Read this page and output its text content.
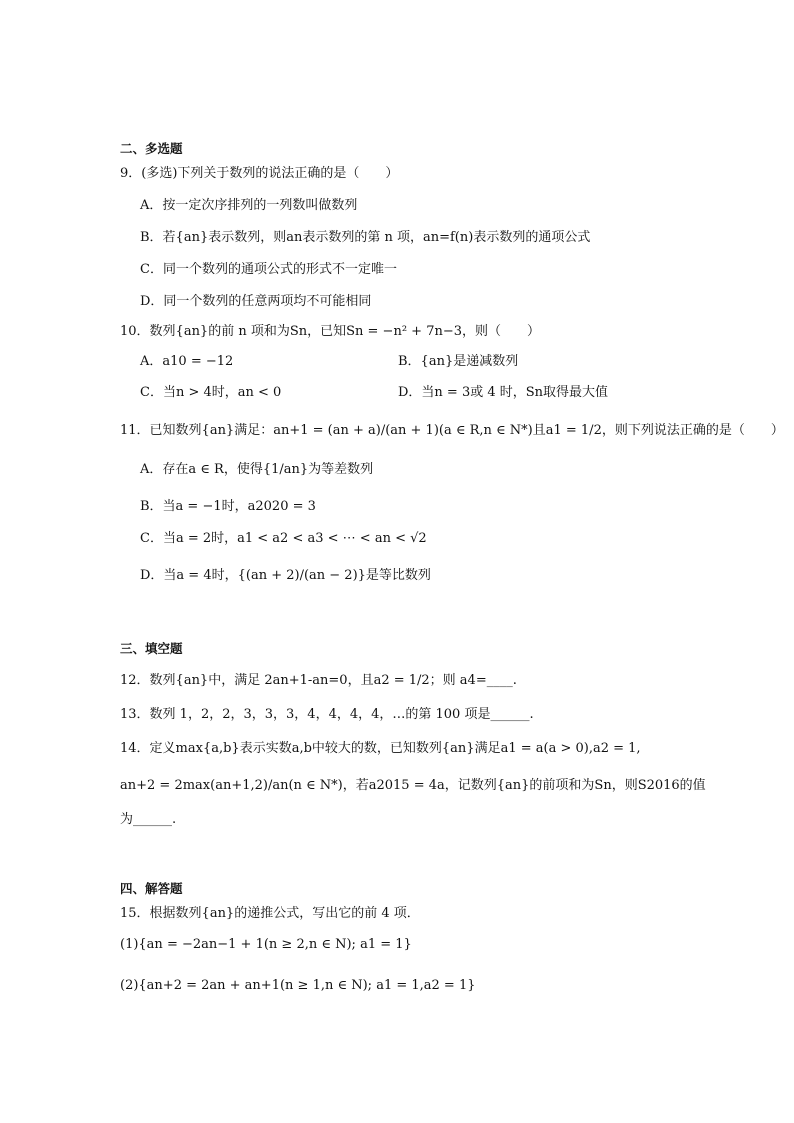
二、多选题
9．(多选)下列关于数列的说法正确的是（　　）
A．按一定次序排列的一列数叫做数列
B．若{an}表示数列，则an表示数列的第 n 项，an=f(n)表示数列的通项公式
C．同一个数列的通项公式的形式不一定唯一
D．同一个数列的任意两项均不可能相同
10．数列{an}的前 n 项和为Sn，已知Sn = −n² + 7n−3，则（　　）
A．a10 = −12	B．{an}是递减数列
C．当n > 4时，an < 0	D．当n = 3或 4 时，Sn取得最大值
11．已知数列{an}满足：an+1 = (an + a)/(an + 1)(a ∈ R,n ∈ N*)且a1 = 1/2，则下列说法正确的是（　　）
A．存在a ∈ R，使得{1/an}为等差数列
B．当a = −1时，a2020 = 3
C．当a = 2时，a1 < a2 < a3 < ⋯ < an < √2
D．当a = 4时，{(an + 2)/(an − 2)}是等比数列
三、填空题
12．数列{an}中，满足 2an+1-an=0，且a2 = 1/2；则 a4=____.
13．数列 1，2，2，3，3，3，4，4，4，4，…的第 100 项是______.
14．定义max{a,b}表示实数a,b中较大的数，已知数列{an}满足a1 = a(a > 0),a2 = 1,
an+2 = 2max(an+1,2)/an(n ∈ N*)，若a2015 = 4a，记数列{an}的前项和为Sn，则S2016的值
为______.
四、解答题
15．根据数列{an}的递推公式，写出它的前 4 项．
(1){an = −2an−1 + 1(n ≥ 2,n ∈ N); a1 = 1}
(2){an+2 = 2an + an+1(n ≥ 1,n ∈ N); a1 = 1,a2 = 1}
